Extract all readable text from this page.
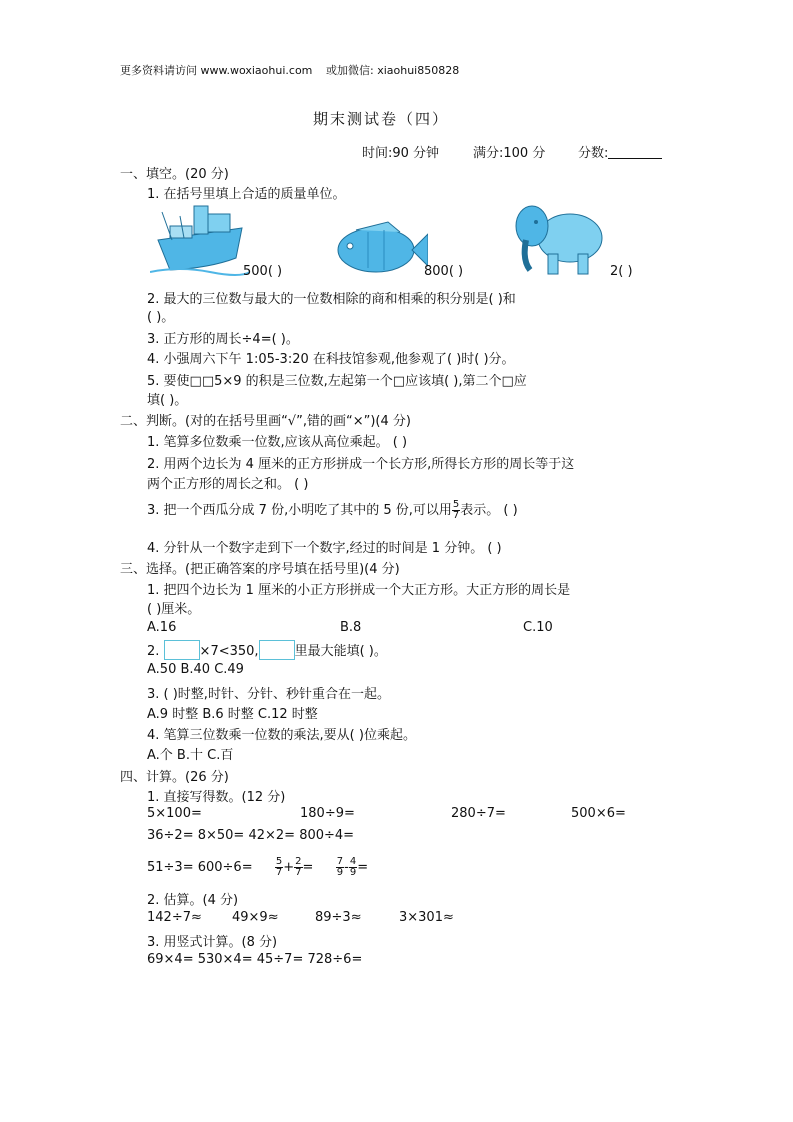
更多资料请访问 www.woxiaohui.com 或加微信: xiaohui850828
期末测试卷（四）
时间:90 分钟	满分:100 分	分数:
一、填空。(20 分)
1. 在括号里填上合适的质量单位。
500( )	800( )	2( )
2. 最大的三位数与最大的一位数相除的商和相乘的积分别是( )和
( )。
3. 正方形的周长÷4=( )。
4. 小强周六下午 1:05-3:20 在科技馆参观,他参观了( )时( )分。
5. 要使□□5×9 的积是三位数,左起第一个□应该填( ),第二个□应
填( )。
二、判断。(对的在括号里画“√”,错的画“×”)(4 分)
1. 笔算多位数乘一位数,应该从高位乘起。 ( )
2. 用两个边长为 4 厘米的正方形拼成一个长方形,所得长方形的周长等于这
两个正方形的周长之和。 ( )
3. 把一个西瓜分成 7 份,小明吃了其中的 5 份,可以用 $\frac{5}{7}$ 表示。 ( )
4. 分针从一个数字走到下一个数字,经过的时间是 1 分钟。 ( )
三、选择。(把正确答案的序号填在括号里)(4 分)
1. 把四个边长为 1 厘米的小正方形拼成一个大正方形。大正方形的周长是
( )厘米。
A.16	B.8	C.10
2.	×7<350,	里最大能填( )。
A.50 B.40 C.49
3. ( )时整,时针、分针、秒针重合在一起。
A.9 时整 B.6 时整 C.12 时整
4. 笔算三位数乘一位数的乘法,要从( )位乘起。
A.个 B.十 C.百
四、计算。(26 分)
1. 直接写得数。(12 分)
5×100=	180÷9=	280÷7=	500×6=
36÷2= 8×50= 42×2= 800÷4=
$51\div 3= 600\div 6= \frac{5}{7} + \frac{2}{7} = \frac{7}{9} - \frac{4}{9}$ =
2. 估算。(4 分)
142÷7≈ 49×9≈	89÷3≈	3×301≈
3. 用竖式计算。(8 分)
69×4= 530×4= 45÷7= 728÷6=
